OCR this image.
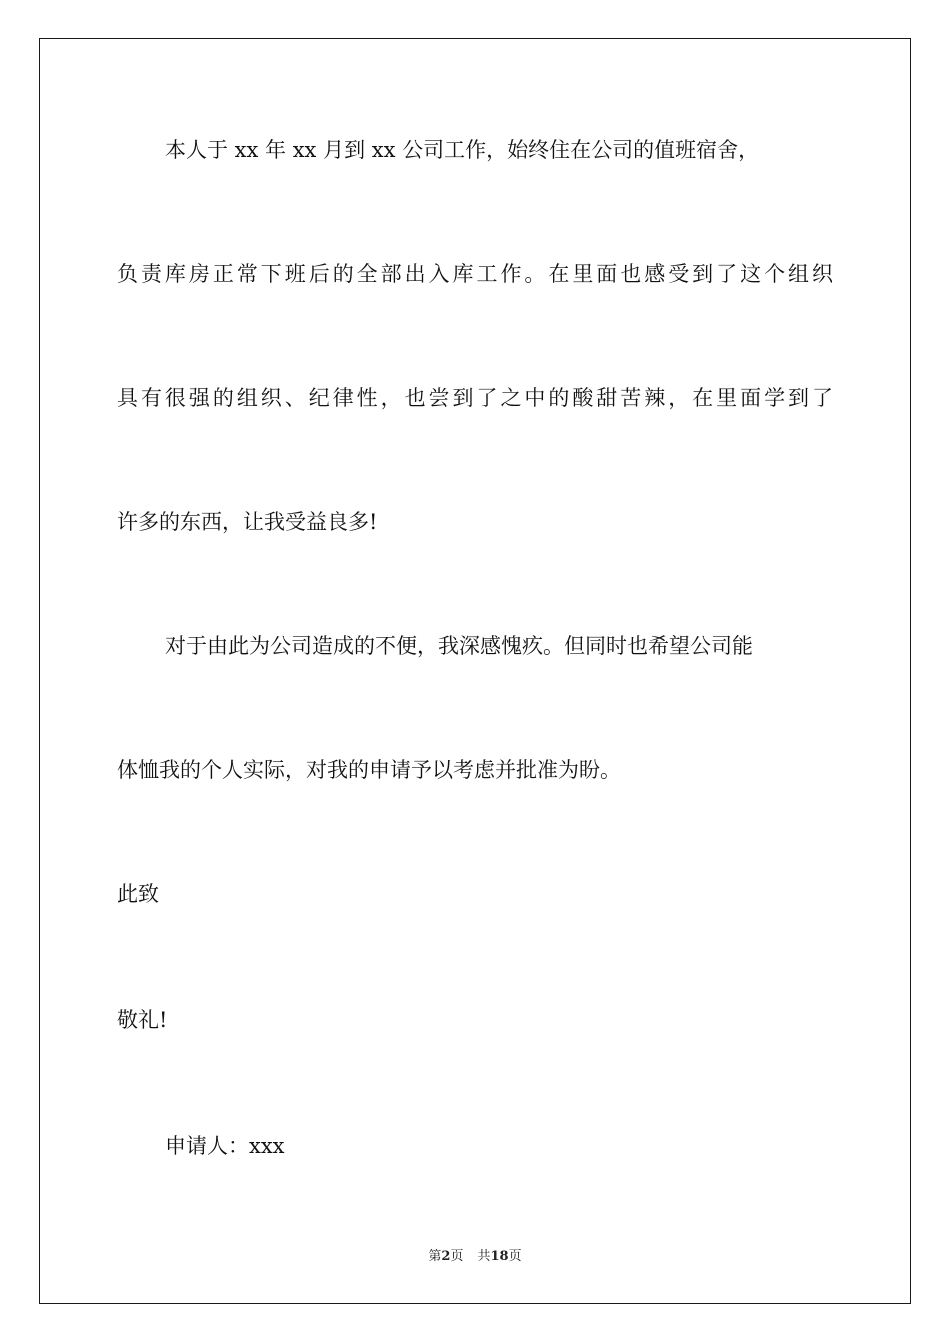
本人于 xx 年 xx 月到 xx 公司工作，始终住在公司的值班宿舍，
负责库房正常下班后的全部出入库工作。在里面也感受到了这个组织
具有很强的组织、纪律性，也尝到了之中的酸甜苦辣，在里面学到了
许多的东西，让我受益良多!
对于由此为公司造成的不便，我深感愧疚。但同时也希望公司能
体恤我的个人实际，对我的申请予以考虑并批准为盼。
此致
敬礼!
申请人：xxx
第2页 共18页
